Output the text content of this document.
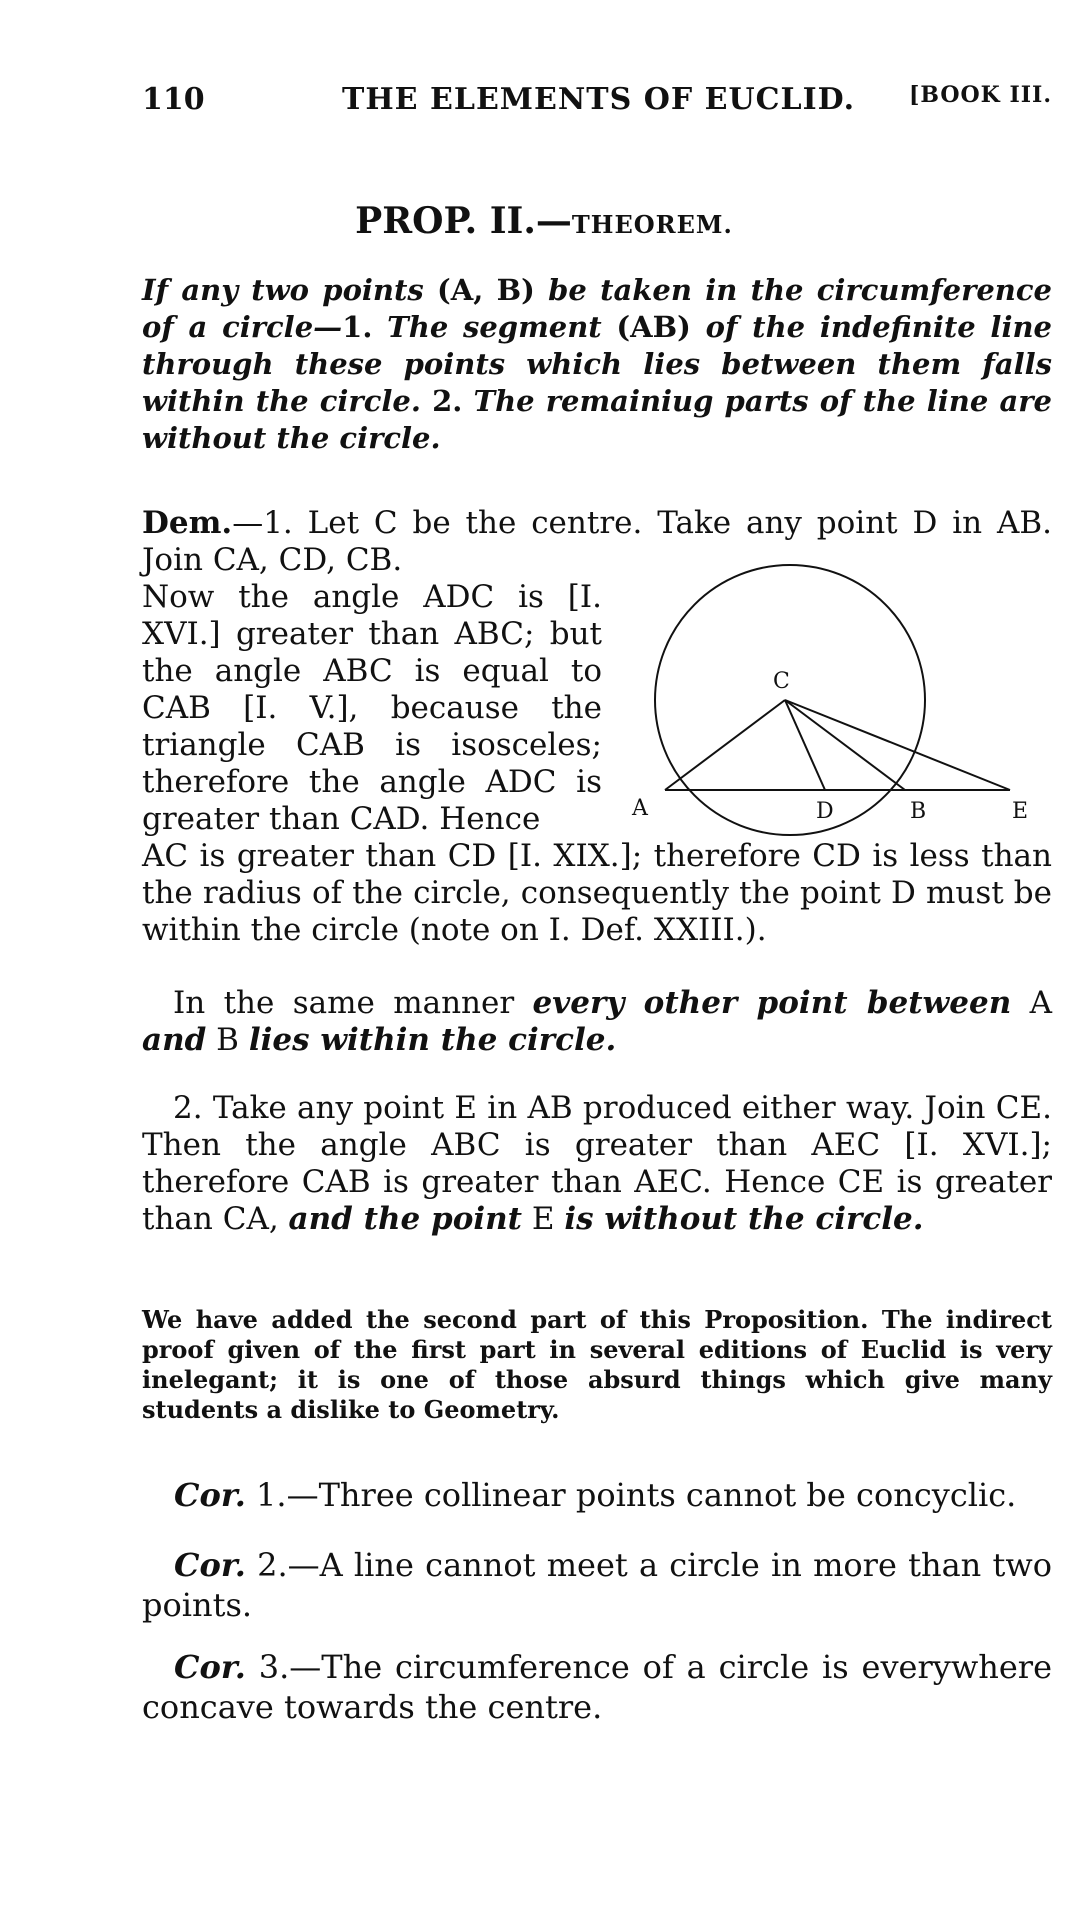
110	THE ELEMENTS OF EUCLID. [BOOK III.
PROP. II.—THEOREM.

If any two points (A, B) be taken in the circumference of a circle—1. The segment (AB) of the indefinite line through these points which lies between them falls within the circle. 2. The remainiug parts of the line are without the circle.

Dem.—1. Let C be the centre. Take any point D in AB. Join CA, CD, CB.
Now the angle ADC is [I. XVI.] greater than ABC; but the angle ABC is equal to CAB [I. V.], because the triangle CAB is isosceles; therefore the angle ADC is greater than CAD. Hence
AC is greater than CD [I. XIX.]; therefore CD is less than the radius of the circle, consequently the point D must be within the circle (note on I. Def. XXIII.).
C
A	D	B	E

 In the same manner every other point between A and B lies within the circle.

 2. Take any point E in AB produced either way. Join CE. Then the angle ABC is greater than AEC [I. XVI.]; therefore CAB is greater than AEC. Hence CE is greater than CA, and the point E is without the circle.

We have added the second part of this Proposition. The indirect proof given of the first part in several editions of Euclid is very inelegant; it is one of those absurd things which give many students a dislike to Geometry.

 Cor. 1.—Three collinear points cannot be concyclic.

 Cor. 2.—A line cannot meet a circle in more than two points.

 Cor. 3.—The circumference of a circle is everywhere concave towards the centre.
